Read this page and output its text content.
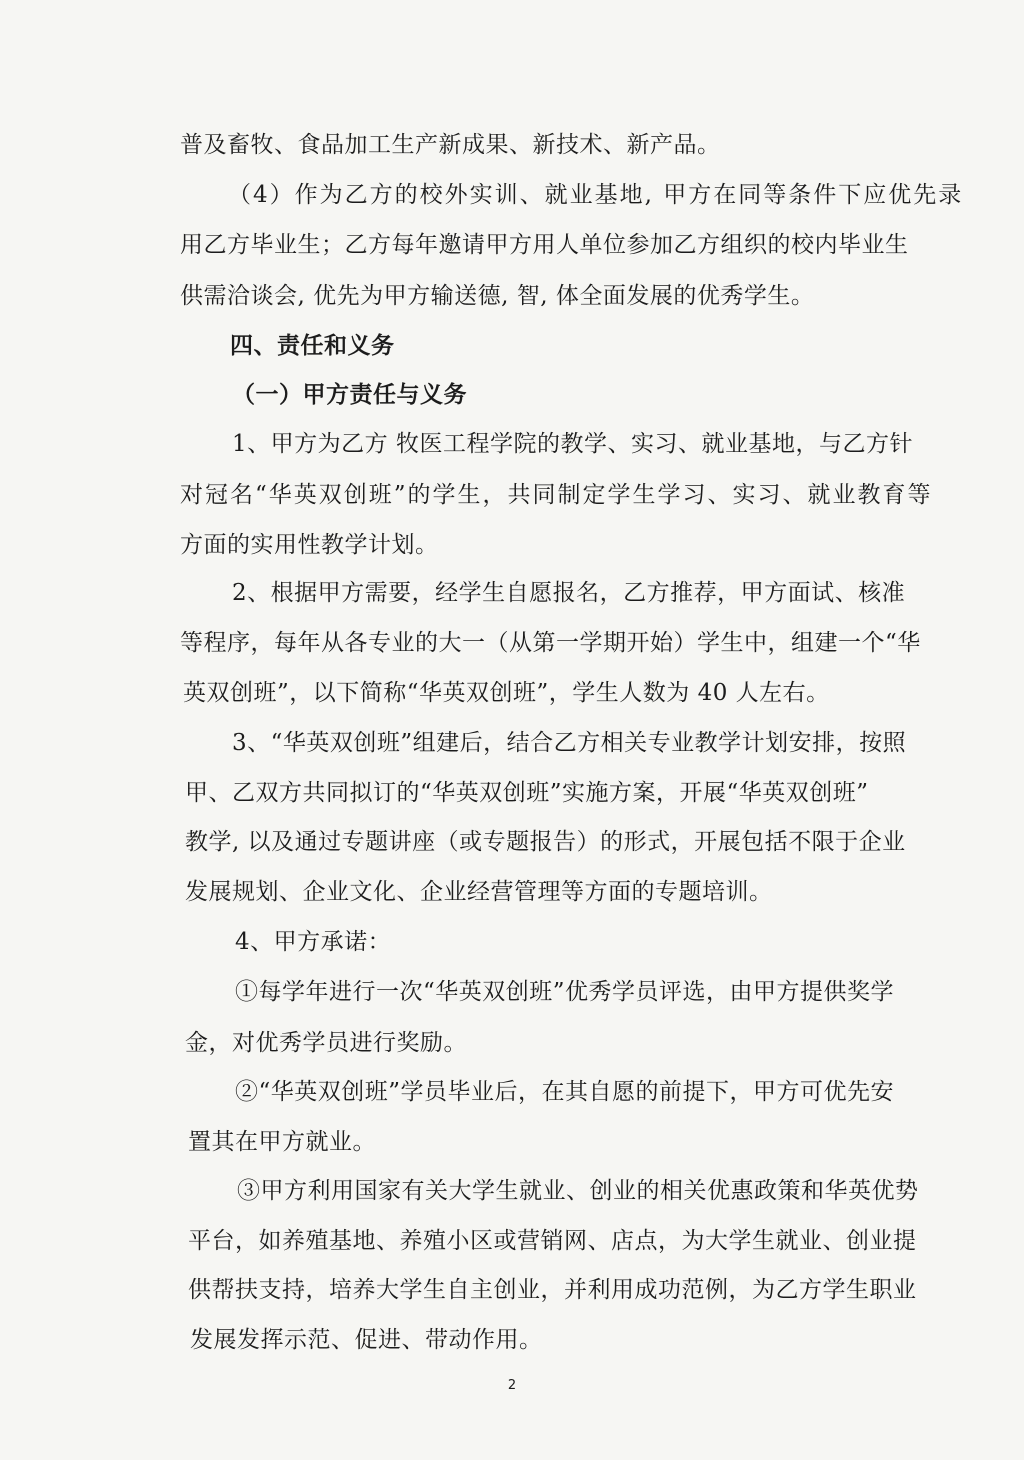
普及畜牧、食品加工生产新成果、新技术、新产品。

（4）作为乙方的校外实训、就业基地, 甲方在同等条件下应优先录

用乙方毕业生；乙方每年邀请甲方用人单位参加乙方组织的校内毕业生

供需洽谈会, 优先为甲方输送德, 智, 体全面发展的优秀学生。

四、责任和义务

（一）甲方责任与义务

1、甲方为乙方 牧医工程学院的教学、实习、就业基地，与乙方针

对冠名“华英双创班”的学生，共同制定学生学习、实习、就业教育等

方面的实用性教学计划。

2、根据甲方需要，经学生自愿报名，乙方推荐，甲方面试、核准

等程序，每年从各专业的大一（从第一学期开始）学生中，组建一个“华

英双创班”，以下简称“华英双创班”，学生人数为 40 人左右。

3、“华英双创班”组建后，结合乙方相关专业教学计划安排，按照

甲、乙双方共同拟订的“华英双创班”实施方案，开展“华英双创班”

教学, 以及通过专题讲座（或专题报告）的形式，开展包括不限于企业

发展规划、企业文化、企业经营管理等方面的专题培训。

4、甲方承诺：

①每学年进行一次“华英双创班”优秀学员评选，由甲方提供奖学

金，对优秀学员进行奖励。

②“华英双创班”学员毕业后，在其自愿的前提下，甲方可优先安

置其在甲方就业。

③甲方利用国家有关大学生就业、创业的相关优惠政策和华英优势

平台，如养殖基地、养殖小区或营销网、店点，为大学生就业、创业提

供帮扶支持，培养大学生自主创业，并利用成功范例，为乙方学生职业

发展发挥示范、促进、带动作用。

2
